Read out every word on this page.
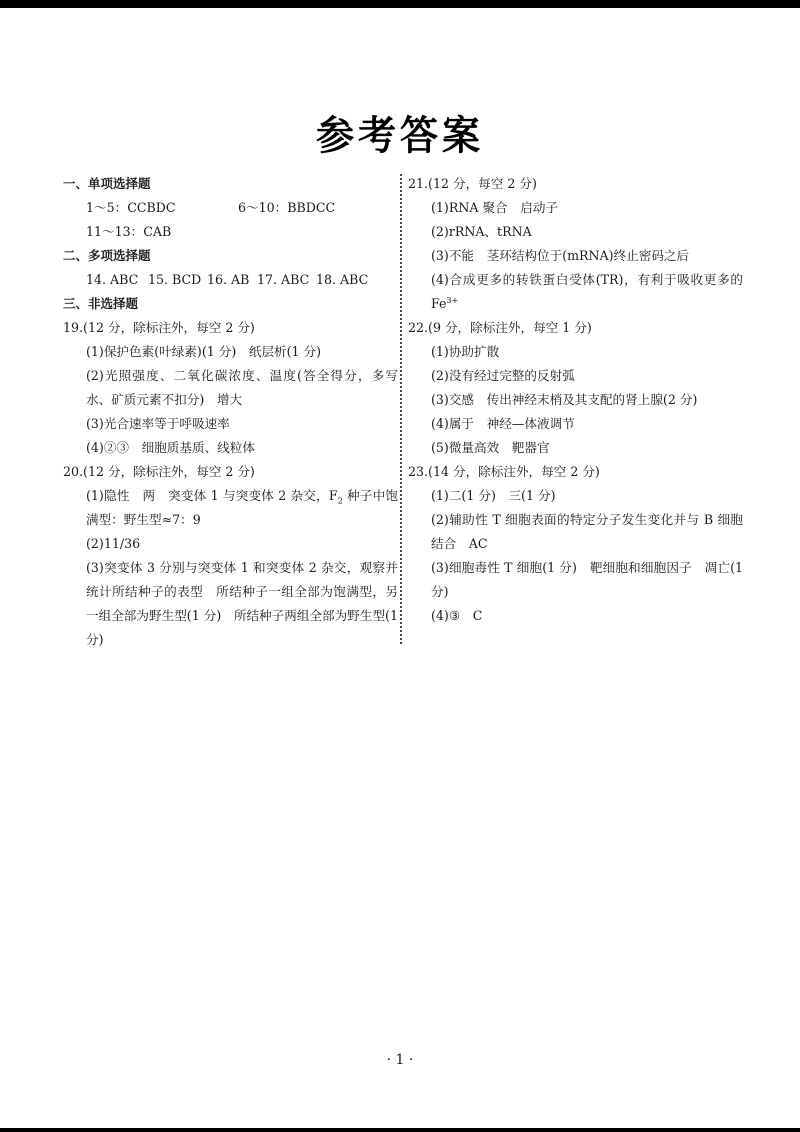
参考答案
一、单项选择题
1～5：CCBDC	6～10：BBDCC
11～13：CAB
二、多项选择题
14. ABC 15. BCD 16. AB 17. ABC 18. ABC
三、非选择题
19.(12 分，除标注外，每空 2 分)
(1)保护色素(叶绿素)(1 分)　纸层析(1 分)
(2)光照强度、二氧化碳浓度、温度(答全得分，多写水、矿质元素不扣分)　增大
(3)光合速率等于呼吸速率
(4)②③　细胞质基质、线粒体
20.(12 分，除标注外，每空 2 分)
(1)隐性　两　突变体 1 与突变体 2 杂交，$F_2$ 种子中饱满型：野生型≈7：9
(2)11/36
(3)突变体 3 分别与突变体 1 和突变体 2 杂交，观察并统计所结种子的表型　所结种子一组全部为饱满型，另一组全部为野生型(1 分)　所结种子两组全部为野生型(1 分)
21.(12 分，每空 2 分)
(1)RNA 聚合　启动子
(2)rRNA、tRNA
(3)不能　茎环结构位于(mRNA)终止密码之后
(4)合成更多的转铁蛋白受体(TR)，有利于吸收更多的 $Fe^{3+}$
22.(9 分，除标注外，每空 1 分)
(1)协助扩散
(2)没有经过完整的反射弧
(3)交感　传出神经末梢及其支配的肾上腺(2 分)
(4)属于　神经—体液调节
(5)微量高效　靶器官
23.(14 分，除标注外，每空 2 分)
(1)二(1 分)　三(1 分)
(2)辅助性 T 细胞表面的特定分子发生变化并与 B 细胞结合　AC
(3)细胞毒性 T 细胞(1 分)　靶细胞和细胞因子　凋亡(1 分)
(4)③　C
· 1 ·
